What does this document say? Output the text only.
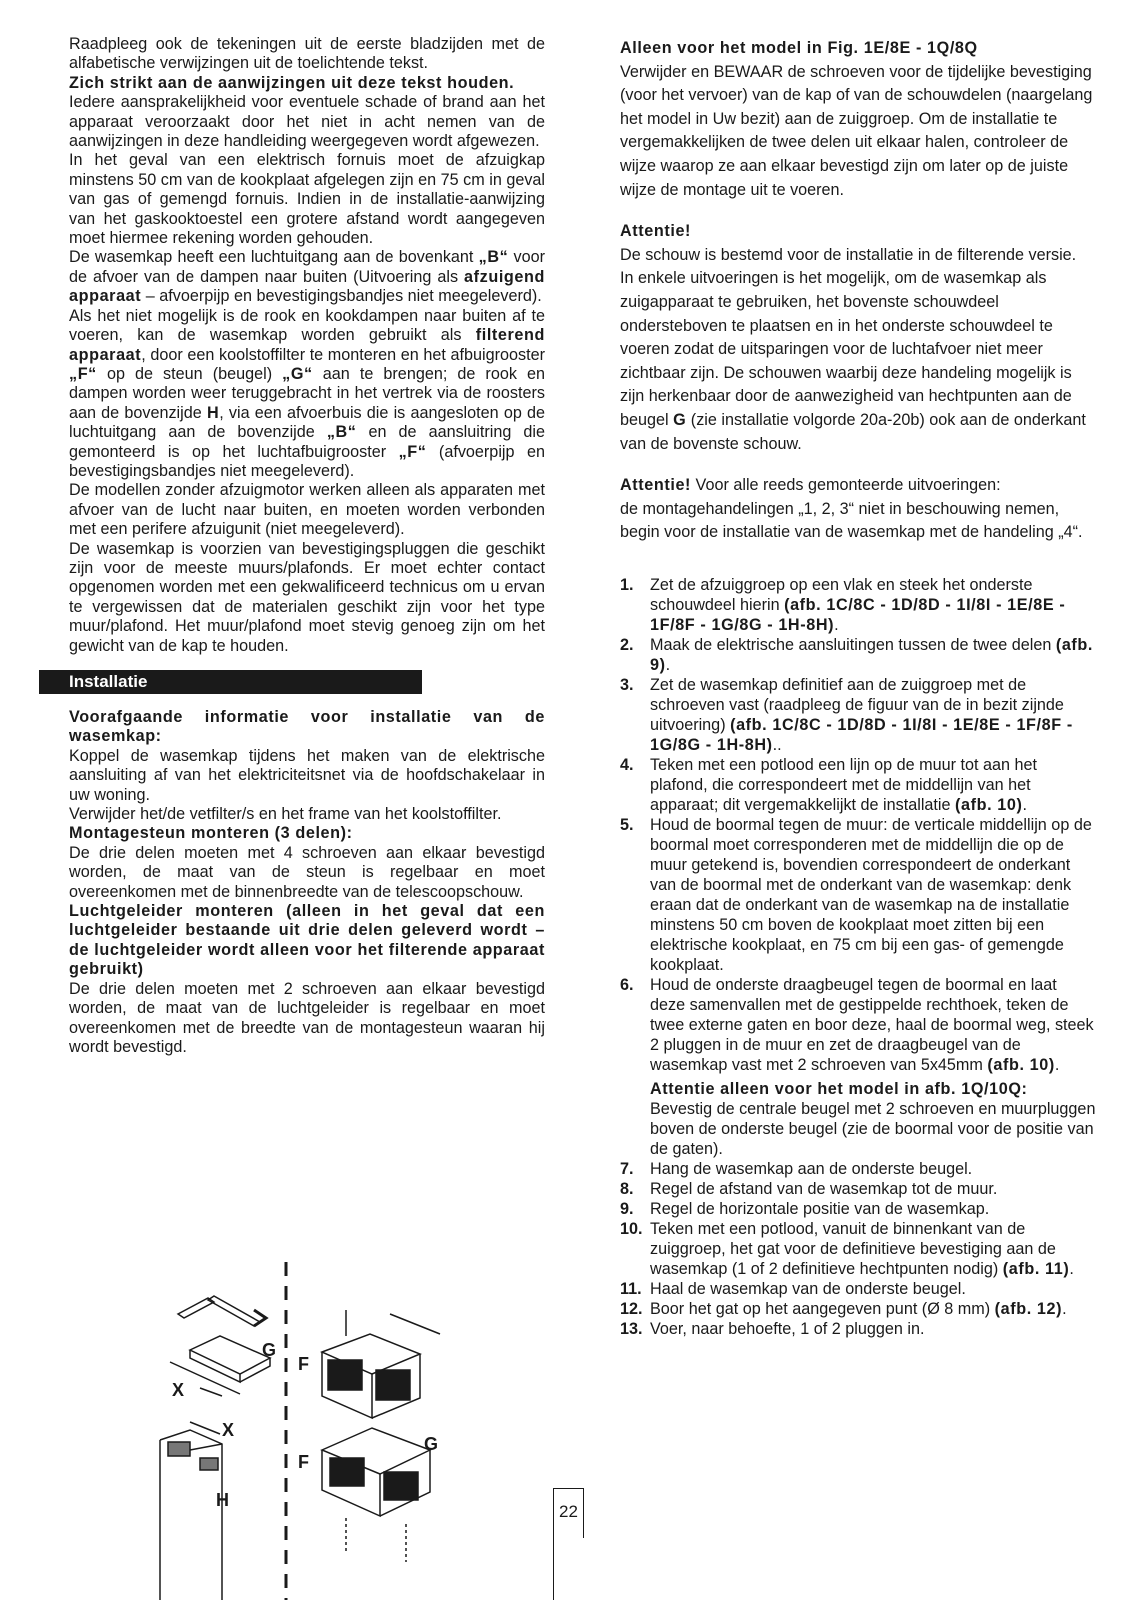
Raadpleeg ook de tekeningen uit de eerste bladzijden met de alfabetische verwijzingen uit de toelichtende tekst.
Zich strikt aan de aanwijzingen uit deze tekst houden.
Iedere aansprakelijkheid voor eventuele schade of brand aan het apparaat veroorzaakt door het niet in acht nemen van de aanwijzingen in deze handleiding weergegeven wordt afgewezen.

In het geval van een elektrisch fornuis moet de afzuigkap minstens 50 cm van de kookplaat afgelegen zijn en 75 cm in geval van gas of gemengd fornuis. Indien in de installatie-aanwijzing van het gaskooktoestel een grotere afstand wordt aangegeven moet hiermee rekening worden gehouden.

De wasemkap heeft een luchtuitgang aan de bovenkant „B“ voor de afvoer van de dampen naar buiten (Uitvoering als afzuigend apparaat – afvoerpijp en bevestigingsbandjes niet meegeleverd).

Als het niet mogelijk is de rook en kookdampen naar buiten af te voeren, kan de wasemkap worden gebruikt als filterend apparaat, door een koolstoffilter te monteren en het afbuigrooster „F“ op de steun (beugel) „G“ aan te brengen; de rook en dampen worden weer teruggebracht in het vertrek via de roosters aan de bovenzijde H, via een afvoerbuis die is aangesloten op de luchtuitgang aan de bovenzijde „B“ en de aansluitring die gemonteerd is op het luchtafbuigrooster „F“ (afvoerpijp en bevestigingsbandjes niet meegeleverd).

De modellen zonder afzuigmotor werken alleen als apparaten met afvoer van de lucht naar buiten, en moeten worden verbonden met een perifere afzuigunit (niet meegeleverd).

De wasemkap is voorzien van bevestigingspluggen die geschikt zijn voor de meeste muurs/plafonds. Er moet echter contact opgenomen worden met een gekwalificeerd technicus om u ervan te vergewissen dat de materialen geschikt zijn voor het type muur/plafond. Het muur/plafond moet stevig genoeg zijn om het gewicht van de kap te houden.

Installatie

Voorafgaande informatie voor installatie van de wasemkap:

Koppel de wasemkap tijdens het maken van de elektrische aansluiting af van het elektriciteitsnet via de hoofdschakelaar in uw woning.

Verwijder het/de vetfilter/s en het frame van het koolstoffilter.

Montagesteun monteren (3 delen):

De drie delen moeten met 4 schroeven aan elkaar bevestigd worden, de maat van de steun is regelbaar en moet overeenkomen met de binnenbreedte van de telescoopschouw.

Luchtgeleider monteren (alleen in het geval dat een luchtgeleider bestaande uit drie delen geleverd wordt – de luchtgeleider wordt alleen voor het filterende apparaat gebruikt)

De drie delen moeten met 2 schroeven aan elkaar bevestigd worden, de maat van de luchtgeleider is regelbaar en moet overeenkomen met de breedte van de montagesteun waaran hij wordt bevestigd.

G
F
X
X
H
F
G

Alleen voor het model in Fig. 1E/8E - 1Q/8Q

Verwijder en BEWAAR de schroeven voor de tijdelijke bevestiging (voor het vervoer) van de kap of van de schouwdelen (naargelang het model in Uw bezit) aan de zuiggroep. Om de installatie te vergemakkelijken de twee delen uit elkaar halen, controleer de wijze waarop ze aan elkaar bevestigd zijn om later op de juiste wijze de montage uit te voeren.

Attentie!

De schouw is bestemd voor de installatie in de filterende versie.

In enkele uitvoeringen is het mogelijk, om de wasemkap als zuigapparaat te gebruiken, het bovenste schouwdeel ondersteboven te plaatsen en in het onderste schouwdeel te voeren zodat de uitsparingen voor de luchtafvoer niet meer zichtbaar zijn. De schouwen waarbij deze handeling mogelijk is zijn herkenbaar door de aanwezigheid van hechtpunten aan de beugel G (zie installatie volgorde 20a-20b) ook aan de onderkant van de bovenste schouw.

Attentie! Voor alle reeds gemonteerde uitvoeringen:
de montagehandelingen „1, 2, 3“ niet in beschouwing nemen, begin voor de installatie van de wasemkap met de handeling „4“.

1. Zet de afzuiggroep op een vlak en steek het onderste schouwdeel hierin (afb. 1C/8C - 1D/8D - 1I/8I - 1E/8E - 1F/8F - 1G/8G - 1H-8H).
2. Maak de elektrische aansluitingen tussen de twee delen (afb. 9).
3. Zet de wasemkap definitief aan de zuiggroep met de schroeven vast (raadpleeg de figuur van de in bezit zijnde uitvoering) (afb. 1C/8C - 1D/8D - 1I/8I - 1E/8E - 1F/8F - 1G/8G - 1H-8H)..
4. Teken met een potlood een lijn op de muur tot aan het plafond, die correspondeert met de middellijn van het apparaat; dit vergemakkelijkt de installatie (afb. 10).
5. Houd de boormal tegen de muur: de verticale middellijn op de boormal moet corresponderen met de middellijn die op de muur getekend is, bovendien correspondeert de onderkant van de boormal met de onderkant van de wasemkap: denk eraan dat de onderkant van de wasemkap na de installatie minstens 50 cm boven de kookplaat moet zitten bij een elektrische kookplaat, en 75 cm bij een gas- of gemengde kookplaat.
6. Houd de onderste draagbeugel tegen de boormal en laat deze samenvallen met de gestippelde rechthoek, teken de twee externe gaten en boor deze, haal de boormal weg, steek 2 pluggen in de muur en zet de draagbeugel van de wasemkap vast met 2 schroeven van 5x45mm (afb. 10).
Attentie alleen voor het model in afb. 1Q/10Q:
Bevestig de centrale beugel met 2 schroeven en muurpluggen boven de onderste beugel (zie de boormal voor de positie van de gaten).
7. Hang de wasemkap aan de onderste beugel.
8. Regel de afstand van de wasemkap tot de muur.
9. Regel de horizontale positie van de wasemkap.
10. Teken met een potlood, vanuit de binnenkant van de zuiggroep, het gat voor de definitieve bevestiging aan de wasemkap (1 of 2 definitieve hechtpunten nodig) (afb. 11).
11. Haal de wasemkap van de onderste beugel.
12. Boor het gat op het aangegeven punt (Ø 8 mm) (afb. 12).
13. Voer, naar behoefte, 1 of 2 pluggen in.
22
